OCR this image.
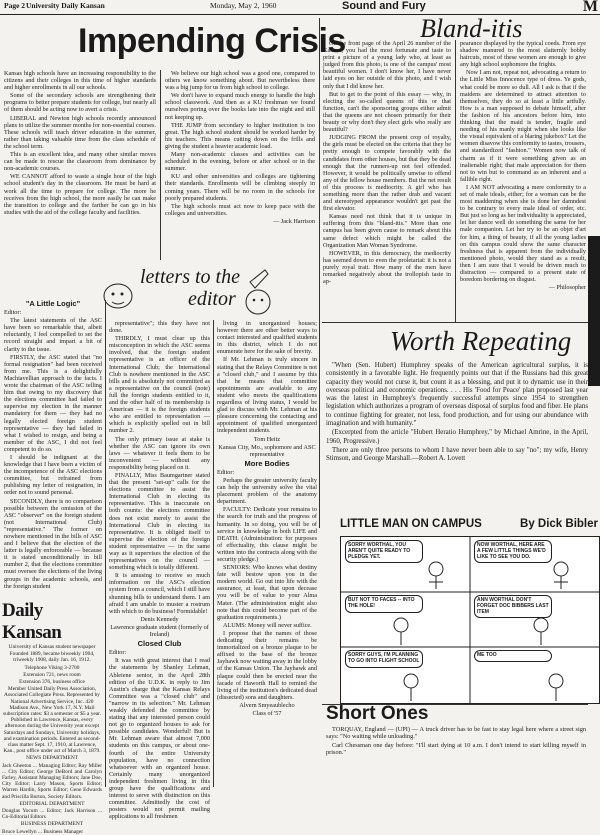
Page 2 University Daily Kansan	Monday, May 2, 1960	Sound and Fury	M
Impending Crisis

Kansas high schools have an increasing responsibility to the citizens and their colleges in this time of higher standards and higher enrollments in all our schools.

Some of the secondary schools are strengthening their programs to better prepare students for college, but nearly all of them should be acting now to avert a crisis.

LIBERAL and Newton high schools recently announced plans to utilize the summer months for non-essential courses. These schools will teach driver education in the summer, rather than taking valuable time from the class schedule of the school term.

This is an excellent idea, and many other similar moves can be made to rescue the classroom from dominance by non-academic courses.

WE CANNOT afford to waste a single hour of the high school student's day in the classroom. He must be hard at work all the time to prepare for college. The more he receives from the high school, the more easily he can make the transition to college and the farther he can go in his studies with the aid of the college faculty and facilities.

We believe our high school was a good one, compared to others we know something about. But nevertheless there was a big jump for us from high school to college.

We don't have to expand much energy to handle the high school classwork. And then as a KU freshman we found ourselves poring over the books late into the night and still not keeping up.

THE JUMP from secondary to higher institution is too great. The high school student should be worked harder by his teachers. This means cutting down on the frills and giving the student a heavier academic load.

Many non-academic classes and activities can be scheduled in the evening, before or after school or in the summer.

KU and other universities and colleges are tightening their standards. Enrollments will be climbing steeply in coming years. There will be no room in the schools for poorly prepared students.

The high schools must act now to keep pace with the colleges and universities.

— Jack Harrison

Bland-itis

On the front page of the April 26 number of the Kansan, you had the most fortunate and taste to print a picture of a young lady who, at least as judged from this photo, is one of the campus' most beautiful women. I don't know her, I have never laid eyes on her outside of this photo, and I wish only that I did know her.

But to get to the point of this essay — why, in electing the so-called queens of this or that function, can't the sponsoring groups either admit that the queens are not chosen primarily for their beauty or why don't they elect girls who really are beautiful?

JUDGING FROM the present crop of royalty, the girls must be elected on the criteria that they be pretty enough to compete favorably with the candidates from other houses, but that they be dead enough that the runners-up not feel offended. However, it would be politically unwise to offend any of the fellow house members. But the net result of this process is mediocrity. A girl who has something more than the rather drab and vacant and stereotyped appearance wouldn't get past the first elevator.

Kansas need not think that it is unique in suffering from this "bland-itis." More than one campus has been given cause to remark about this same defect which might be called the Organization Man Woman Syndrome.

HOWEVER, in this democracy, the mediocrity has seemed down to even the proletariat: it is not a purely royal trait. How many of the men have remarked negatively about the trollopish taste in ap-

pearance displayed by the typical coeds. From eye shadow manured to the most slatternly bobby haircuts, most of these women are enough to give any high school sophomore the frights.

Now I am not, repeat not, advocating a return to the Little Miss Innocence type of dress. Ye gods, what could be more so dull. All I ask is that if the maidens are determined to attract attention to themselves, they do so at least a little artfully. How is a man supposed to debate himself, after the fashion of his ancestors before him, into thinking that the maid is tender, fragile and needing of his manly might when she looks like the visual equivalent of a blaring jukebox? Let the women disavow this conformity to tastes, trousers, and standardized "fashion." Women now talk of charm as if it were something given as an inalienable right; that male appreciation for them not to win but to command as an inherent and a fallible right.

I AM NOT advocating a mere conformity to a set of male ideals, either; for a woman can be the most maddening when she is done her damndest to be contrary to every male ideal of order, etc. But just so long as her individuality is appreciated, let her dance well do something the same for her male companion. Let her try to be an objet d'art for him, a thing of beauty, if all the young ladies on this campus could show the same character freshness that is apparent from the individually mentioned photo, would they stand as a result, then I am sure that I would be driven much to distraction — compared to a present state of boredom bordering on disgust.

— Philosopher

letters to the
editor
"A Little Logic"

Editor:

The latest statements of the ASC have been so remarkable that, albeit reluctantly, I feel compelled to set the record straight and impart a bit of clarity to the issue.

FIRSTLY, the ASC stated that "no formal resignation" had been received from me. This is a delightfully Machiavellian approach to the facts. I wrote the chairman of the ASC telling him that owing to my discovery that the elections committee had failed to supervise my election in the manner mandatory for them — they had no legally elected foreign student representative — they had failed in what I wished to resign, and being a member of the ASC, I did not feel competent to do so.

I should be indignant at the knowledge that I have been a victim of the incompetence of the ASC elections committee, but refrained from publishing my letter of resignation, in order not to sound personal.

SECONDLY, there is no comparison possible between the omission of the ASC "observer" on the foreign student (not International Club) "representative." The former on nowhere mentioned in the bills of ASC and I believe that the election of the latter is legally enforceable — because it is stated unconditionally in bill number 2, that the elections committee must oversee the elections of the living groups in the academic schools, and the foreign student

representative"; this they have not done.

THIRDLY, I must clear up this misconception in which the ASC seems involved, that the foreign student representative is an officer of the International Club; the International Club is nowhere mentioned in the ASC bills and is absolutely not committed as a representative on the council (note) full the foreign students entitled to it, and the other half of its membership is American — it is the foreign students who are entitled to representation — which is explicitly spelled out in bill number 2.

The only primary issue at stake is whether the ASC can ignore its own laws — whatever it feels them to be inconvenient — without any responsibility being placed on it.

FINALLY, Miss Baumgartner stated that the present "set-up" calls for the elections committee to assist the International Club in electing its representative. This is inaccurate on both counts: the elections committee does not exist merely to assist the International Club in electing its representative. It is obliged itself to supervise the election of the foreign student representative — in the same way as it supervises the election of the representatives on the council — something which is totally different.

It is amusing to receive so much information on the ASC's election system from a council, which I still have shunning bills to understand them. I am afraid I am unable to muster a rostrum with which to do business! Formidable!

Denis Kennedy

Lawrence graduate student (formerly of Ireland)

Closed Club

Editor:

It was with great interest that I read the statements by Shanley Lehman, Ableiene senior, in the April 28th edition of the U.D.K. in reply to Jim Austin's charge that the Kansas Relays Committee was a "closed club" and "narrow in its selection." Mr. Lehman weakly defended the committee by stating that any interested person could not go to organized houses to ask for possible candidates. Wonderful! But is Mr. Lehman aware that almost 7,000 students on this campus, or about one-fourth of the entire University population, have no connection whatsoever with an organized house. Certainly many unorganized independent freshmen living in this group have the qualifications and interest to serve with distinction on this committee. Admittedly the cost of posters would not permit mailing applications to all freshmen

living in unorganized houses; however there are other better ways to contact interested and qualified students in this district, which I do not enumerate here for the sake of brevity.

If Mr. Lehman is truly sincere in stating that the Relays Committee is not a "closed club," and I assume by this that he means that committee appointments are available to any student who meets the qualifications regardless of living status, I would be glad to discuss with Mr. Lehman at his pleasure concerning the contacting and appointment of qualified unorganized independent students.

Tom Heitz

Kansas City, Mo., sophomore and ASC representative

More Bodies

Editor:

Perhaps the greater university faculty can help the university solve the vital placement problem of the anatomy department.

FACULTY: Dedicate your remains to the search for truth and the progress of humanity. In so doing, you will be of service in knowledge in both LIFE and DEATH. (Administration: for purposes of effectuality, this clause might be written into the contracts along with the security pledge.)

SENIORS: Who knows what destiny fate will bestow upon you in the modern world. Go out into life with the assurance, at least, that upon decease you will be of value to your Alma Mater. (The administration might also note that this could become part of the graduation requirements.)

ALUMS: Money will never suffice.

I propose that the names of those dedicating their remains be immortalized on a bronze plaque to be affixed to the base of the bronze Jayhawk now waiting away in the lobby of the Kansas Union. The Jayhawk and plaque could then be erected near the facade of Haworth Hall to remind the living of the institution's dedicated dead (dissected) sons and daughters.

Alvern Smyeaublecho

Class of '57

Daily Kansan

University of Kansas student newspaper

Founded 1889, became biweekly 1904, triweekly 1908, daily Jan. 16, 1912.

Telephone Viking 3-2700

Extension 721, news room

Extension 376, business office

Member United Daily Press Association, Associated Collegiate Press. Represented by National Advertising Service, Inc. 420 Madison Ave., New York 17, N.Y. Mail subscription rates: $3 a semester or $5 a year. Published in Lawrence, Kansas, every afternoon during the University year except Saturdays and Sundays, University holidays, and examination periods. Entered as second-class matter Sept. 17, 1910, at Lawrence, Kan., post office under act of March 3, 1879.

NEWS DEPARTMENT

Jack Gheeton ... Managing Editor; Ray Miller ... City Editor; George DeBord and Carolyn Farley, Assistant Managing Editors; Jane Doe, City Editor; Larry Mason, Sports Editor; Warren Hardin, Sports Editor; Gene Edwards and Priscilla Burton, Society Editors.

EDITORIAL DEPARTMENT

Douglas Yocum ... Editor; Jack Harrison ... Co-Editorial Editors

BUSINESS DEPARTMENT

Bruce Lewellyn ... Business Manager

Worth Repeating

"When (Sen. Hubert) Humphrey speaks of the American agricultural surplus, it is consistently in a favorable light. He frequently points out that if the Russians had this great capacity they would not curse it, but count it as a blessing, and put it to dynamic use in their overseas political and economic operations. . . . His 'Food for Peace' plan proposed last year was the latest in Humphrey's frequently successful attempts since 1954 to strengthen legislation which authorizes a program of overseas disposal of surplus food and fiber. He plans to continue fighting for greater, not less, food production, and for using our abundance with imagination and with humanity."

(Excerpted from the article "Hubert Heratio Humphrey," by Michael Amrine, in the April, 1960, Progressive.)

There are only three persons to whom I have never been able to say "no"; my wife, Henry Stimson, and George Marshall.—Robert A. Lovett

LITTLE MAN ON CAMPUS	By Dick Bibler
SORRY WORTHAL, YOU AREN'T QUITE READY TO PLEDGE YET.
NOW WORTHAL, HERE ARE A FEW LITTLE THINGS WE'D LIKE TO SEE YOU DO.
BUT NOT TO FACES -- INTO THE HOLE!
ANN WORTHAL DON'T FORGET DOC BIBBERS LAST ITEM
SORRY GUYS, I'M PLANNING TO GO INTO FLIGHT SCHOOL
ME TOO
Short Ones

TORQUAY, England — (UPI) — A truck driver has to be fast to stay legal here where a street sign says: "No waiting while unloading."

Carl Chessman one day before: "I'll start dying at 10 a.m. I don't intend to start killing myself in prison."
